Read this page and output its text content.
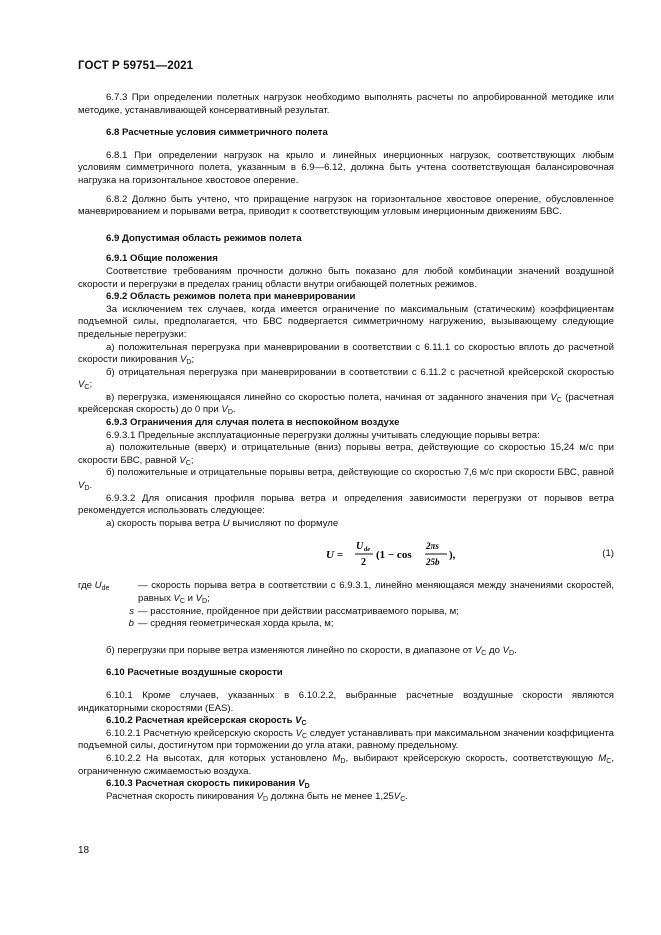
ГОСТ Р 59751—2021

6.7.3 При определении полетных нагрузок необходимо выполнять расчеты по апробированной методике или методике, устанавливающей консервативный результат.

6.8 Расчетные условия симметричного полета

6.8.1 При определении нагрузок на крыло и линейных инерционных нагрузок, соответствующих любым условиям симметричного полета, указанным в 6.9—6.12, должна быть учтена соответствующая балансировочная нагрузка на горизонтальное хвостовое оперение.

6.8.2 Должно быть учтено, что приращение нагрузок на горизонтальное хвостовое оперение, обусловленное маневрированием и порывами ветра, приводит к соответствующим угловым инерционным движениям БВС.

6.9 Допустимая область режимов полета

6.9.1 Общие положения

Соответствие требованиям прочности должно быть показано для любой комбинации значений воздушной скорости и перегрузки в пределах границ области внутри огибающей полетных режимов.

6.9.2 Область режимов полета при маневрировании

За исключением тех случаев, когда имеется ограничение по максимальным (статическим) коэффициентам подъемной силы, предполагается, что БВС подвергается симметричному нагружению, вызывающему следующие предельные перегрузки:

а) положительная перегрузка при маневрировании в соответствии с 6.11.1 со скоростью вплоть до расчетной скорости пикирования $V_D$;

б) отрицательная перегрузка при маневрировании в соответствии с 6.11.2 с расчетной крейсерской скоростью $V_C$;

в) перегрузка, изменяющаяся линейно со скоростью полета, начиная от заданного значения при $V_C$ (расчетная крейсерская скорость) до 0 при $V_D$.

6.9.3 Ограничения для случая полета в неспокойном воздухе

6.9.3.1 Предельные эксплуатационные перегрузки должны учитывать следующие порывы ветра:

а) положительные (вверх) и отрицательные (вниз) порывы ветра, действующие со скоростью 15,24 м/с при скорости БВС, равной $V_C$;

б) положительные и отрицательные порывы ветра, действующие со скоростью 7,6 м/с при скорости БВС, равной $V_D$.

6.9.3.2 Для описания профиля порыва ветра и определения зависимости перегрузки от порывов ветра рекомендуется использовать следующее:

а) скорость порыва ветра U вычисляют по формуле

U =
U de
2
(1 − cos
2πs
25b
),	(1)
где $U_{de}$	— скорость порыва ветра в соответствии с 6.9.3.1, линейно меняющаяся между значениями скоростей, равных $V_C$ и $V_D$;
s — расстояние, пройденное при действии рассматриваемого порыва, м;
b — средняя геометрическая хорда крыла, м;

б) перегрузки при порыве ветра изменяются линейно по скорости, в диапазоне от $V_C$ до $V_D$.

6.10 Расчетные воздушные скорости

6.10.1 Кроме случаев, указанных в 6.10.2.2, выбранные расчетные воздушные скорости являются индикаторными скоростями (EAS).

6.10.2 Расчетная крейсерская скорость $V_C$

6.10.2.1 Расчетную крейсерскую скорость $V_C$ следует устанавливать при максимальном значении коэффициента подъемной силы, достигнутом при торможении до угла атаки, равному предельному.

6.10.2.2 На высотах, для которых установлено $M_D$, выбирают крейсерскую скорость, соответствующую $M_C$, ограниченную сжимаемостью воздуха.

6.10.3 Расчетная скорость пикирования $V_D$

Расчетная скорость пикирования $V_D$ должна быть не менее $1,25V_C$.

18
